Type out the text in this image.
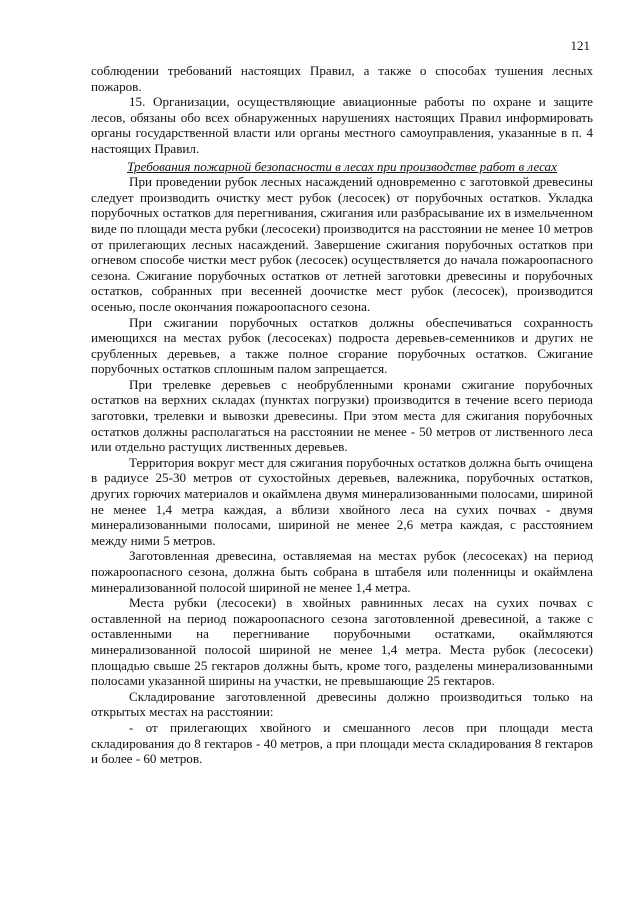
121

соблюдении требований настоящих Правил, а также о способах тушения лесных пожаров.

15. Организации, осуществляющие авиационные работы по охране и защите лесов, обязаны обо всех обнаруженных нарушениях настоящих Правил информировать органы государственной власти или органы местного самоуправления, указанные в п. 4 настоящих Правил.

Требования пожарной безопасности в лесах при производстве работ в лесах

При проведении рубок лесных насаждений одновременно с заготовкой древесины следует производить очистку мест рубок (лесосек) от порубочных остатков. Укладка порубочных остатков для перегнивания, сжигания или разбрасывание их в измельченном виде по площади места рубки (лесосеки) производится на расстоянии не менее 10 метров от прилегающих лесных насаждений. Завершение сжигания порубочных остатков при огневом способе чистки мест рубок (лесосек) осуществляется до начала пожароопасного сезона. Сжигание порубочных остатков от летней заготовки древесины и порубочных остатков, собранных при весенней доочистке мест рубок (лесосек), производится осенью, после окончания пожароопасного сезона.

При сжигании порубочных остатков должны обеспечиваться сохранность имеющихся на местах рубок (лесосеках) подроста деревьев-семенников и других не срубленных деревьев, а также полное сгорание порубочных остатков. Сжигание порубочных остатков сплошным палом запрещается.

При трелевке деревьев с необрубленными кронами сжигание порубочных остатков на верхних складах (пунктах погрузки) производится в течение всего периода заготовки, трелевки и вывозки древесины. При этом места для сжигания порубочных остатков должны располагаться на расстоянии не менее - 50 метров от лиственного леса или отдельно растущих лиственных деревьев.

Территория вокруг мест для сжигания порубочных остатков должна быть очищена в радиусе 25-30 метров от сухостойных деревьев, валежника, порубочных остатков, других горючих материалов и окаймлена двумя минерализованными полосами, шириной не менее 1,4 метра каждая, а вблизи хвойного леса на сухих почвах - двумя минерализованными полосами, шириной не менее 2,6 метра каждая, с расстоянием между ними 5 метров.

Заготовленная древесина, оставляемая на местах рубок (лесосеках) на период пожароопасного сезона, должна быть собрана в штабеля или поленницы и окаймлена минерализованной полосой шириной не менее 1,4 метра.

Места рубки (лесосеки) в хвойных равнинных лесах на сухих почвах с оставленной на период пожароопасного сезона заготовленной древесиной, а также с оставленными на перегнивание порубочными остатками, окаймляются минерализованной полосой шириной не менее 1,4 метра. Места рубок (лесосеки) площадью свыше 25 гектаров должны быть, кроме того, разделены минерализованными полосами указанной ширины на участки, не превышающие 25 гектаров.

Складирование заготовленной древесины должно производиться только на открытых местах на расстоянии:

- от прилегающих хвойного и смешанного лесов при площади места складирования до 8 гектаров - 40 метров, а при площади места складирования 8 гектаров и более - 60 метров.
